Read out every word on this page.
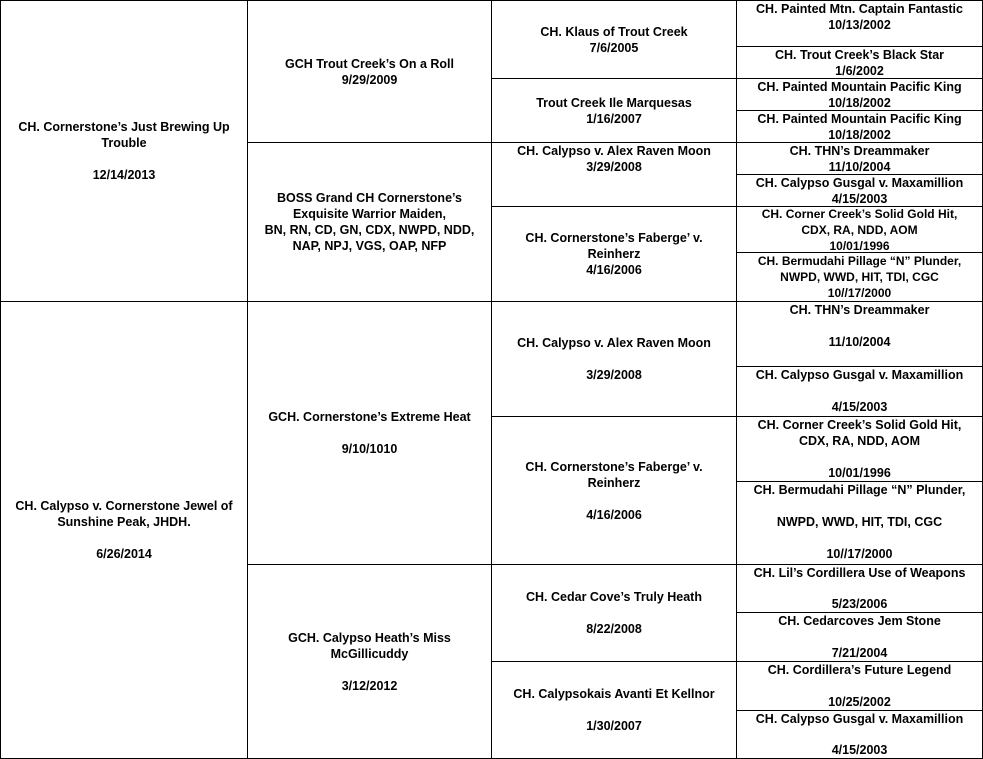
CH. Cornerstone’s Just Brewing Up
Trouble
12/14/2013
CH. Calypso v. Cornerstone Jewel of
Sunshine Peak, JHDH.
6/26/2014
GCH Trout Creek’s On a Roll
9/29/2009
BOSS Grand CH Cornerstone’s
Exquisite Warrior Maiden,
BN, RN, CD, GN, CDX, NWPD, NDD,
NAP, NPJ, VGS, OAP, NFP
GCH. Cornerstone’s Extreme Heat
9/10/1010
GCH. Calypso Heath’s Miss
McGillicuddy
3/12/2012
CH. Klaus of Trout Creek
7/6/2005
Trout Creek Ile Marquesas
1/16/2007
CH. Calypso v. Alex Raven Moon
3/29/2008
CH. Cornerstone’s Faberge’ v.
Reinherz
4/16/2006
CH. Calypso v. Alex Raven Moon
3/29/2008
CH. Cornerstone’s Faberge’ v.
Reinherz
4/16/2006
CH. Cedar Cove’s Truly Heath
8/22/2008
CH. Calypsokais Avanti Et Kellnor
1/30/2007
CH. Painted Mtn. Captain Fantastic
10/13/2002
CH. Trout Creek’s Black Star
1/6/2002
CH. Painted Mountain Pacific King
10/18/2002
CH. Painted Mountain Pacific King
10/18/2002
CH. THN’s Dreammaker
11/10/2004
CH. Calypso Gusgal v. Maxamillion
4/15/2003
CH. Corner Creek’s Solid Gold Hit,
CDX, RA, NDD, AOM
10/01/1996
CH. Bermudahi Pillage “N” Plunder,
NWPD, WWD, HIT, TDI, CGC
10//17/2000
CH. THN’s Dreammaker
11/10/2004
CH. Calypso Gusgal v. Maxamillion
4/15/2003
CH. Corner Creek’s Solid Gold Hit,
CDX, RA, NDD, AOM
10/01/1996
CH. Bermudahi Pillage “N” Plunder,
NWPD, WWD, HIT, TDI, CGC
10//17/2000
CH. Lil’s Cordillera Use of Weapons
5/23/2006
CH. Cedarcoves Jem Stone
7/21/2004
CH. Cordillera’s Future Legend
10/25/2002
CH. Calypso Gusgal v. Maxamillion
4/15/2003
